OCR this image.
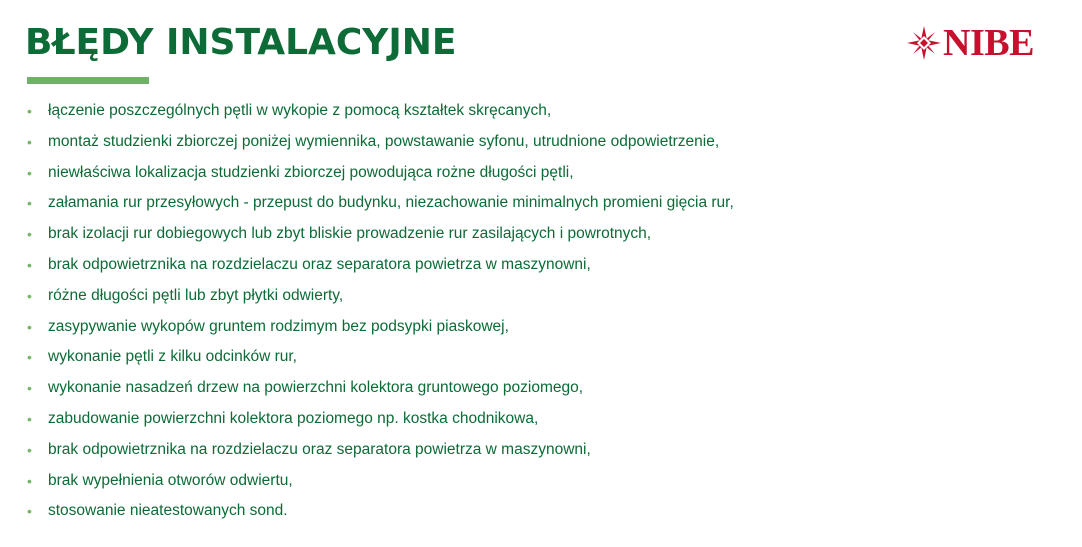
BŁĘDY INSTALACYJNE	NIBE
• łączenie poszczególnych pętli w wykopie z pomocą kształtek skręcanych,
• montaż studzienki zbiorczej poniżej wymiennika, powstawanie syfonu, utrudnione odpowietrzenie,
• niewłaściwa lokalizacja studzienki zbiorczej powodująca rożne długości pętli,
• załamania rur przesyłowych - przepust do budynku, niezachowanie minimalnych promieni gięcia rur,
• brak izolacji rur dobiegowych lub zbyt bliskie prowadzenie rur zasilających i powrotnych,
• brak odpowietrznika na rozdzielaczu oraz separatora powietrza w maszynowni,
• różne długości pętli lub zbyt płytki odwierty,
• zasypywanie wykopów gruntem rodzimym bez podsypki piaskowej,
• wykonanie pętli z kilku odcinków rur,
• wykonanie nasadzeń drzew na powierzchni kolektora gruntowego poziomego,
• zabudowanie powierzchni kolektora poziomego np. kostka chodnikowa,
• brak odpowietrznika na rozdzielaczu oraz separatora powietrza w maszynowni,
• brak wypełnienia otworów odwiertu,
• stosowanie nieatestowanych sond.
